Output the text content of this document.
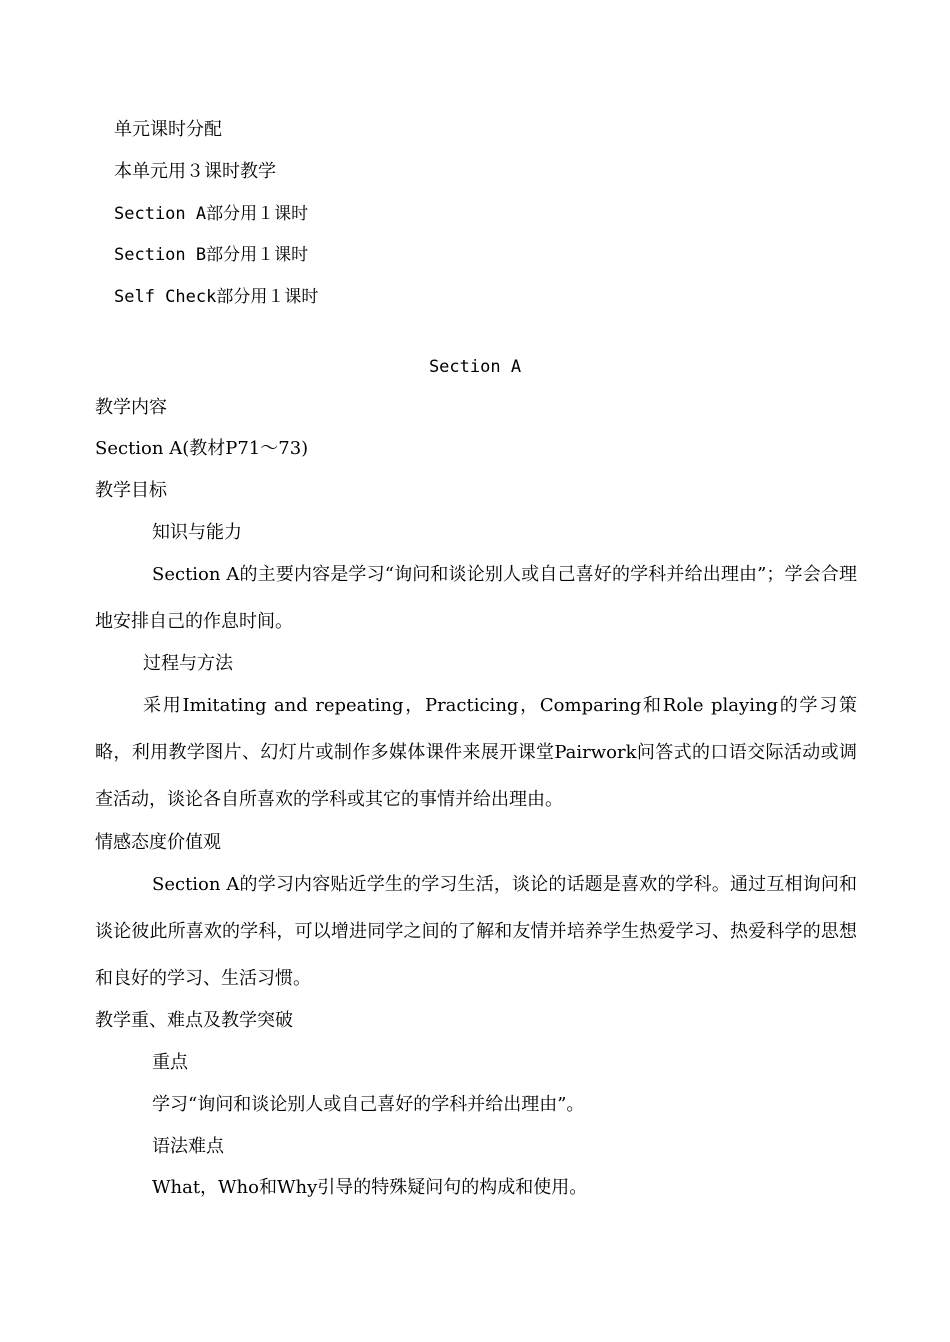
单元课时分配
本单元用３课时教学
Section A部分用１课时
Section B部分用１课时
Self Check部分用１课时
Section A
教学内容
Section A(教材P71～73)
教学目标
知识与能力
Section A的主要内容是学习“询问和谈论别人或自己喜好的学科并给出理由”；学会合理地安排自己的作息时间。
过程与方法
采用Imitating and repeating，Practicing，Comparing和Role playing的学习策略，利用教学图片、幻灯片或制作多媒体课件来展开课堂Pairwork问答式的口语交际活动或调查活动，谈论各自所喜欢的学科或其它的事情并给出理由。
情感态度价值观
Section A的学习内容贴近学生的学习生活，谈论的话题是喜欢的学科。通过互相询问和谈论彼此所喜欢的学科，可以增进同学之间的了解和友情并培养学生热爱学习、热爱科学的思想和良好的学习、生活习惯。
教学重、难点及教学突破
重点
学习“询问和谈论别人或自己喜好的学科并给出理由”。
语法难点
What，Who和Why引导的特殊疑问句的构成和使用。
